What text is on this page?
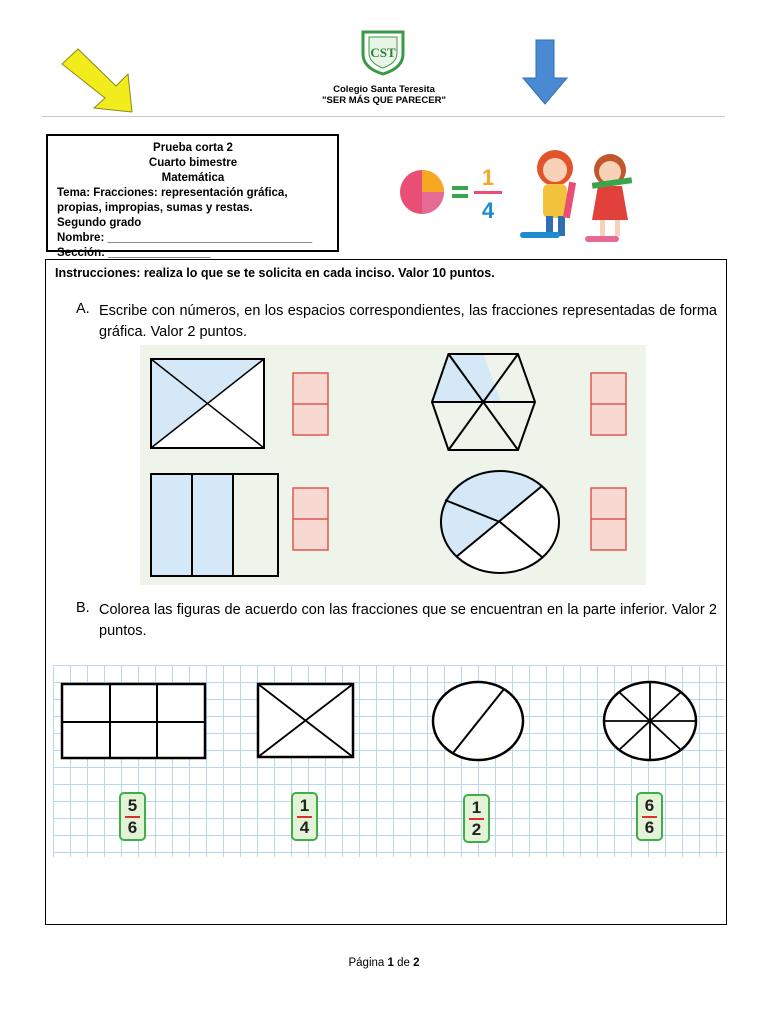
CST
Colegio Santa Teresita
"SER MÁS QUE PARECER"
Prueba corta 2
Cuarto bimestre
Matemática
Tema: Fracciones: representación gráfica,
propias, impropias, sumas y restas.
Segundo grado
Nombre: ________________________________
Sección: ________________
1
4
Instrucciones: realiza lo que se te solicita en cada inciso. Valor 10 puntos.
A. Escribe con números, en los espacios correspondientes, las fracciones representadas de forma gráfica. Valor 2 puntos.
B. Colorea las figuras de acuerdo con las fracciones que se encuentran en la parte inferior. Valor 2 puntos.
5
6
1
4
1
2
6
6
Página 1 de 2
